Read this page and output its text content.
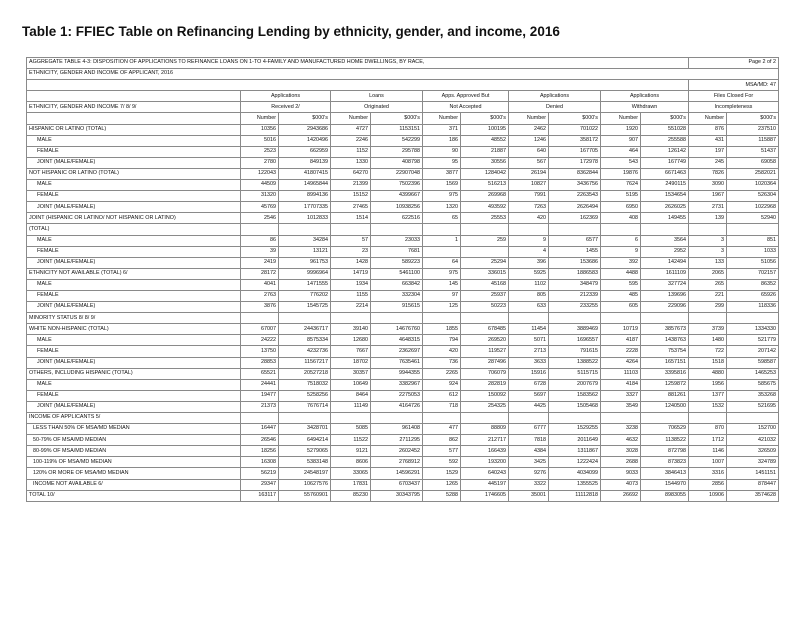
Table 1: FFIEC Table on Refinancing Lending by ethnicity, gender, and income, 2016
AGGREGATE TABLE 4-3: DISPOSITION OF APPLICATIONS TO REFINANCE LOANS ON 1-TO 4-FAMILY AND MANUFACTURED HOME DWELLINGS, BY RACE,											Page 2 of 2	
ETHNICITY, GENDER AND INCOME OF APPLICANT, 2016												
											MSA/MD: 47	
	Applications		Loans		Apps. Approved But		Applications		Applications		Files Closed For	
ETHNICITY, GENDER AND INCOME 7/ 8/ 9/	Received 2/		Originated		Not Accepted		Denied		Withdrawn		Incompleteness	
	Number	$000's	Number	$000's	Number	$000's	Number	$000's	Number	$000's	Number	$000's
HISPANIC OR LATINO (TOTAL)	10356	2943686	4727	1153151	371	100195	2462	701022	1920	551028	876	237510
MALE	5016	1420496	2246	542299	186	48552	1246	358172	907	255588	431	115887
FEMALE	2523	662959	1152	295788	90	21887	640	167705	464	126142	197	51437
JOINT (MALE/FEMALE)	2780	849139	1330	408798	95	30556	567	172978	543	167749	245	69058
NOT HISPANIC OR LATINO (TOTAL)	122043	41807415	64270	22907048	3877	1284042	26194	8362844	19876	6671463	7826	2582021
MALE	44509	14965844	21399	7502396	1569	516213	10827	3436756	7624	2490115	3090	1020364
FEMALE	31320	8994136	15152	4399667	975	269968	7991	2263543	5195	1534654	1967	526304
JOINT (MALE/FEMALE)	45769	17707335	27465	10938256	1320	493592	7263	2626494	6950	2626025	2731	1022968
JOINT (HISPANIC OR LATINO/ NOT HISPANIC OR LATINO)	2546	1012833	1514	622516	65	25553	420	162369	408	149455	139	52940
(TOTAL)												
MALE	86	34284	57	23033	1	259	9	6577	6	3564	3	851
FEMALE	39	13121	23	7681			4	1455	9	2952	3	1033
JOINT (MALE/FEMALE)	2419	961753	1428	589223	64	25294	396	153686	392	142494	133	51056
ETHNICITY NOT AVAILABLE (TOTAL) 6/	28172	9996964	14719	5461100	975	336015	5925	1886583	4488	1611109	2065	702157
MALE	4041	1471555	1934	663842	145	45168	1102	348479	595	327724	265	86352
FEMALE	2763	776202	1155	332304	97	25937	805	212339	485	139696	221	65926
JOINT (MALE/FEMALE)	3876	1545725	2214	915615	125	50223	633	233255	605	229096	299	118336
MINORITY STATUS 8/ 8/ 9/												
WHITE NON-HISPANIC (TOTAL)	67007	24436717	39140	14676760	1855	678485	11454	3889469	10719	3857673	3739	1334330
MALE	24222	8575334	12680	4648315	794	269520	5071	1696557	4187	1438763	1480	521779
FEMALE	13750	4232736	7667	2362697	420	119527	2713	791615	2228	753754	722	207142
JOINT (MALE/FEMALE)	28853	11567217	18702	7635461	736	287496	3633	1388522	4264	1657151	1518	598587
OTHERS, INCLUDING HISPANIC (TOTAL)	65521	20527218	30357	9944355	2265	706079	15916	5115715	11103	3395816	4880	1465253
MALE	24441	7518032	10649	3382967	924	282819	6728	2007679	4184	1259872	1956	585675
FEMALE	19477	5258256	8464	2275053	612	150092	5697	1583562	3327	881261	1377	353268
JOINT (MALE/FEMALE)	21373	7676714	11149	4164726	718	254325	4425	1505468	3549	1240500	1532	521695
INCOME OF APPLICANTS 5/												
LESS THAN 50% OF MSA/MD MEDIAN	16447	3428701	5085	961408	477	88809	6777	1529255	3238	706529	870	152700
50-79% OF MSA/MD MEDIAN	26546	6494214	11522	2711295	862	212717	7818	2011649	4632	1138522	1712	421032
80-99% OF MSA/MD MEDIAN	18256	5279065	9121	2602452	577	166439	4384	1311867	3028	872798	1146	326509
100-119% OF MSA/MD MEDIAN	16308	5383148	8606	2768912	592	193200	3425	1222424	2688	873823	1007	324789
120% OR MORE OF MSA/MD MEDIAN	56219	24548197	33065	14596291	1529	640243	9276	4034099	9033	3846413	3316	1451151
INCOME NOT AVAILABLE 6/	29347	10627576	17831	6703437	1265	445197	3322	1355525	4073	1544970	2856	878447
TOTAL 10/	163117	55760901	85230	30343795	5288	1746605	35001	11112818	26692	8983055	10906	3574628
